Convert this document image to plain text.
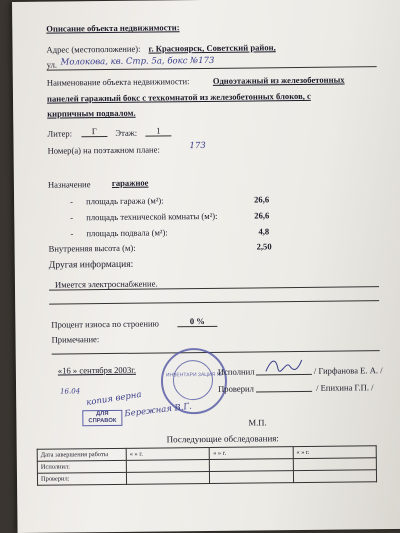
Описание объекта недвижимости:
Адрес (местоположение): г. Красноярск, Советский район,
ул. Молокова, кв. Стр. 5а, бокс №173
Наименование объекта недвижимости:	Одноэтажный из железобетонных
панелей гаражный бокс с техкомнатой из железобетонных блоков, с
кирпичным подвалом.
Литер:	Г	Этаж:	1
Номер(а) на поэтажном плане:	173
Назначение гаражное
- площадь гаража (м²):	26,6
- площадь технической комнаты (м²):	26,6
- площадь подвала (м²):	4,8
Внутренняя высота (м):	2,50
Другая информация:
Имеется электроснабжение.
Процент износа по строению	0 %
Примечание:
«16 » сентября 2003г.	ИНВЕНТАРИ ЗАЦИЯ №
Исполнил	/ Гирфанова Е. А. /
Проверил	/ Епихина Г.П. /
16.04 копия верна
ДЛЯ
СПРАВОК
Бережная В.Г.
М.П.
Последующие обследования:
Дата завершения работы	« » г.	« » г.	« » г.
Исполнил:			
Проверил:			
